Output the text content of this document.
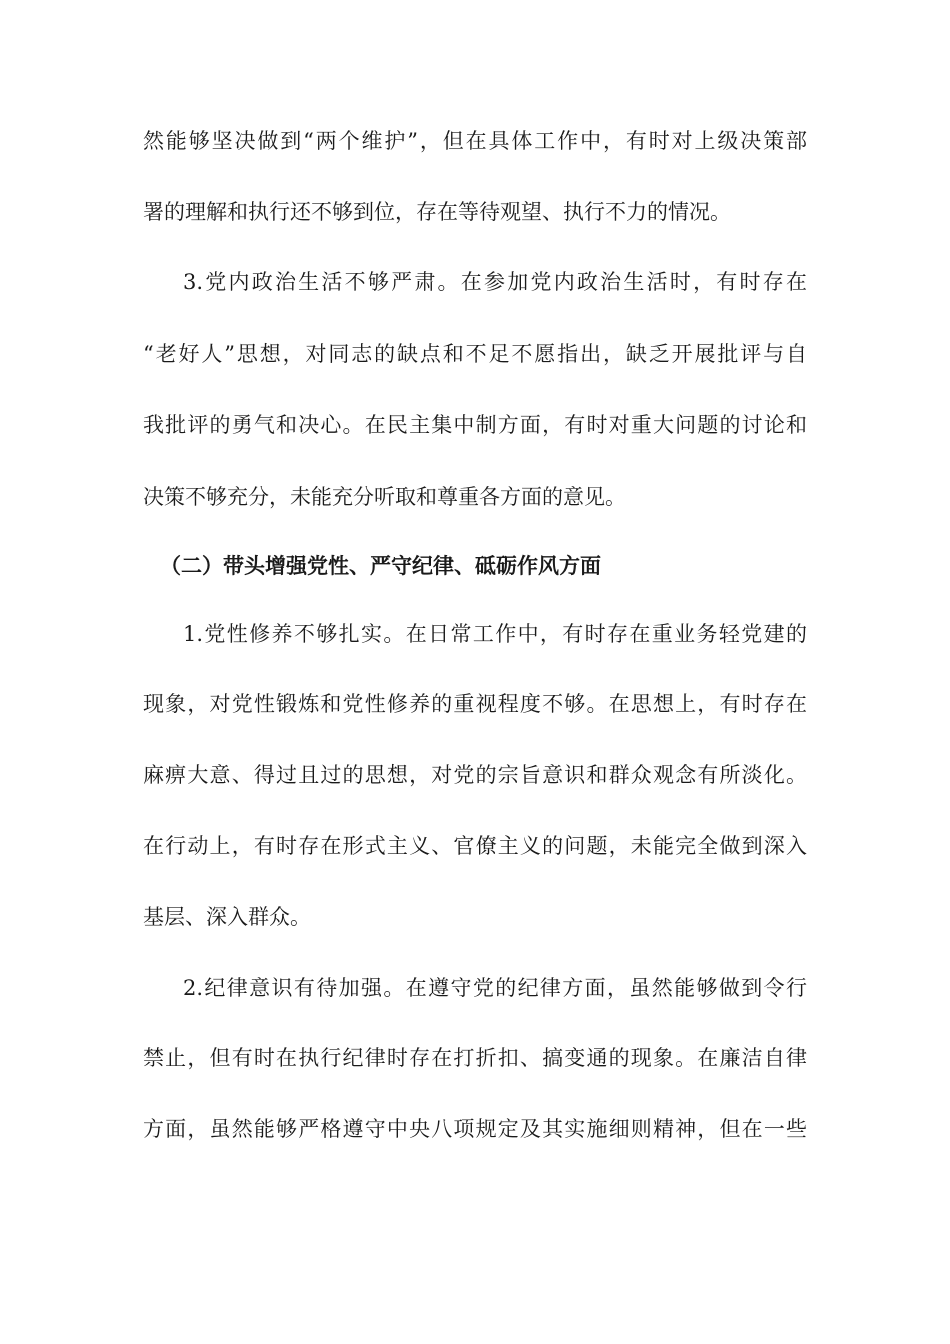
然能够坚决做到“两个维护”，但在具体工作中，有时对上级决策部
署的理解和执行还不够到位，存在等待观望、执行不力的情况。
3.党内政治生活不够严肃。在参加党内政治生活时，有时存在
“老好人”思想，对同志的缺点和不足不愿指出，缺乏开展批评与自
我批评的勇气和决心。在民主集中制方面，有时对重大问题的讨论和
决策不够充分，未能充分听取和尊重各方面的意见。
（二）带头增强党性、严守纪律、砥砺作风方面
1.党性修养不够扎实。在日常工作中，有时存在重业务轻党建的
现象，对党性锻炼和党性修养的重视程度不够。在思想上，有时存在
麻痹大意、得过且过的思想，对党的宗旨意识和群众观念有所淡化。
在行动上，有时存在形式主义、官僚主义的问题，未能完全做到深入
基层、深入群众。
2.纪律意识有待加强。在遵守党的纪律方面，虽然能够做到令行
禁止，但有时在执行纪律时存在打折扣、搞变通的现象。在廉洁自律
方面，虽然能够严格遵守中央八项规定及其实施细则精神，但在一些
